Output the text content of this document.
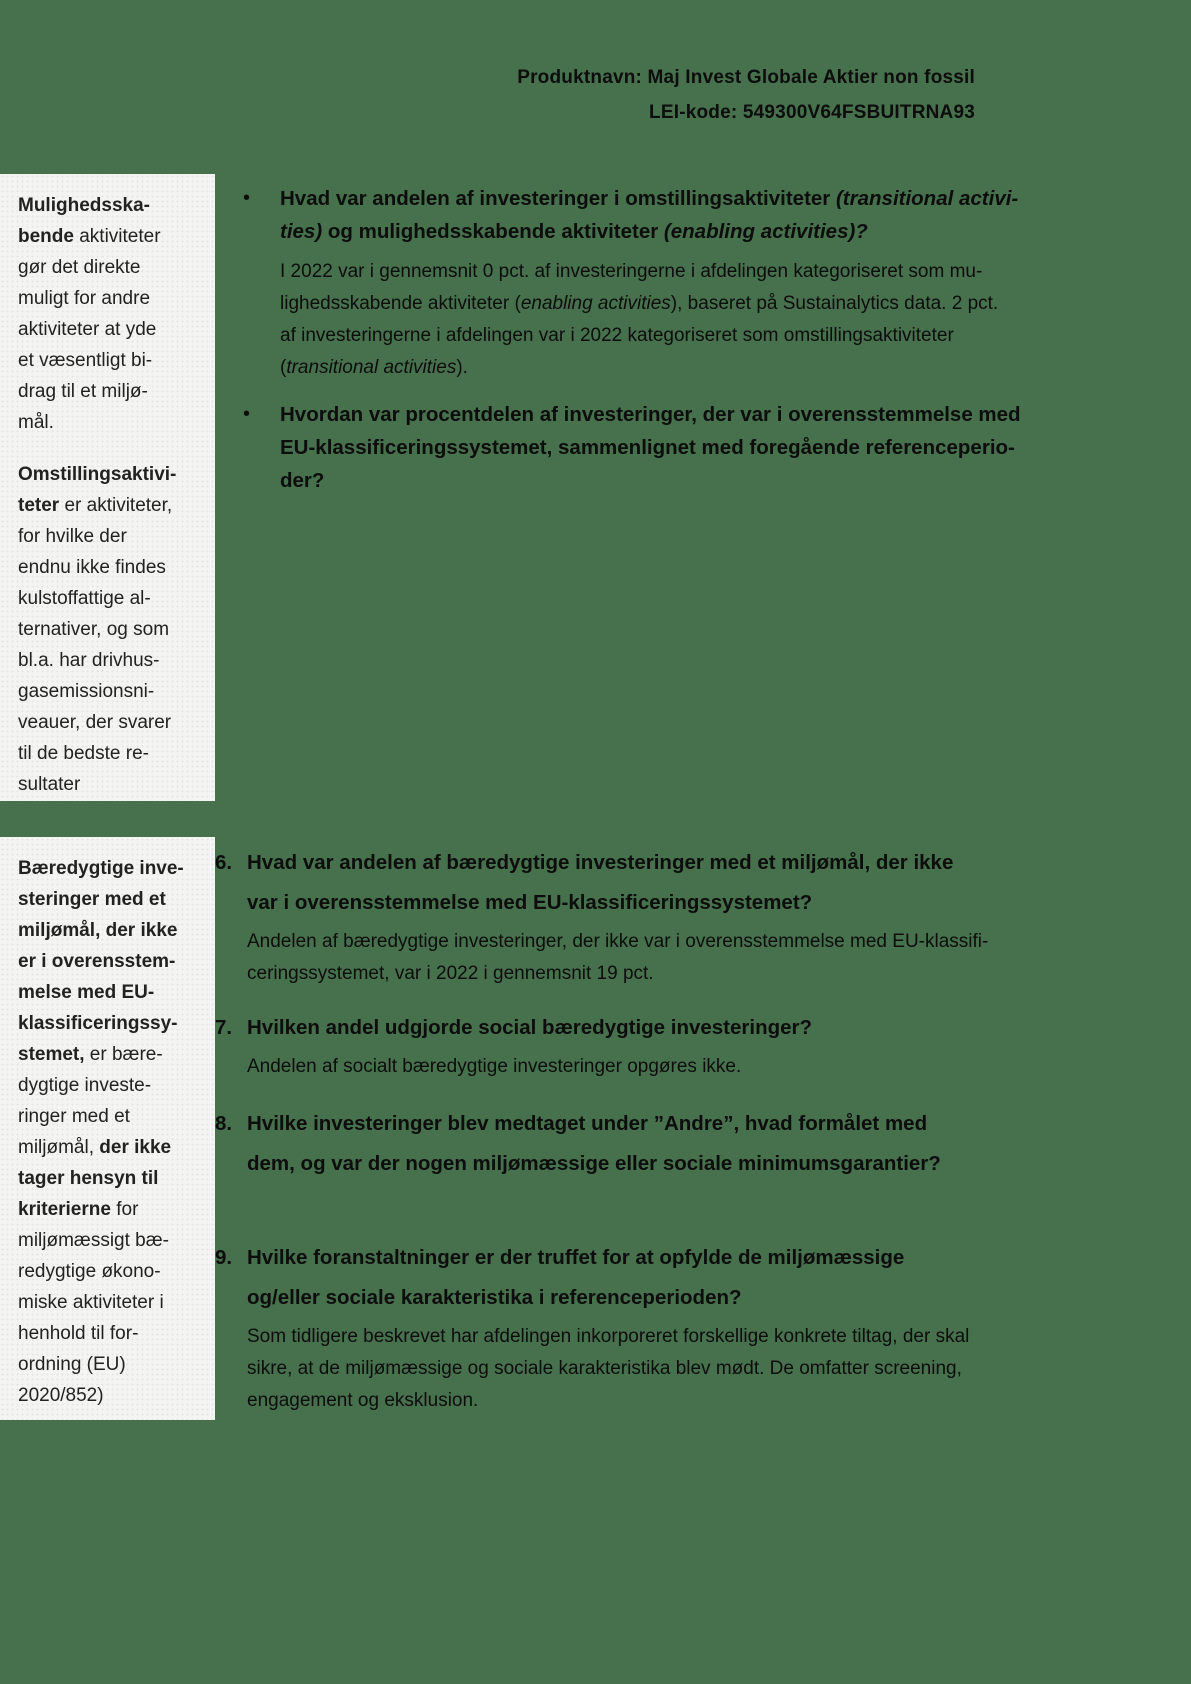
Produktnavn: Maj Invest Globale Aktier non fossil
LEI-kode: 549300V64FSBUITRNA93
Mulighedsska-
bende aktiviteter
gør det direkte
muligt for andre
aktiviteter at yde
et væsentligt bi-
drag til et miljø-
mål.
Omstillingsaktivi-
teter er aktiviteter,
for hvilke der
endnu ikke findes
kulstoffattige al-
ternativer, og som
bl.a. har drivhus-
gasemissionsni-
veauer, der svarer
til de bedste re-
sultater
Bæredygtige inve-
steringer med et
miljømål, der ikke
er i overensstem-
melse med EU-
klassificeringssy-
stemet, er bære-
dygtige investe-
ringer med et
miljømål, der ikke
tager hensyn til
kriterierne for
miljømæssigt bæ-
redygtige økono-
miske aktiviteter i
henhold til for-
ordning (EU)
2020/852)
•	Hvad var andelen af investeringer i omstillingsaktiviteter (transitional activi-
ties) og mulighedsskabende aktiviteter (enabling activities)?
I 2022 var i gennemsnit 0 pct. af investeringerne i afdelingen kategoriseret som mu-
lighedsskabende aktiviteter (enabling activities), baseret på Sustainalytics data. 2 pct.
af investeringerne i afdelingen var i 2022 kategoriseret som omstillingsaktiviteter
(transitional activities).
•	Hvordan var procentdelen af investeringer, der var i overensstemmelse med
EU-klassificeringssystemet, sammenlignet med foregående referenceperio-
der?
6. Hvad var andelen af bæredygtige investeringer med et miljømål, der ikke
var i overensstemmelse med EU-klassificeringssystemet?
Andelen af bæredygtige investeringer, der ikke var i overensstemmelse med EU-klassifi-
ceringssystemet, var i 2022 i gennemsnit 19 pct.
7. Hvilken andel udgjorde social bæredygtige investeringer?
Andelen af socialt bæredygtige investeringer opgøres ikke.
8. Hvilke investeringer blev medtaget under ”Andre”, hvad formålet med
dem, og var der nogen miljømæssige eller sociale minimumsgarantier?
9. Hvilke foranstaltninger er der truffet for at opfylde de miljømæssige
og/eller sociale karakteristika i referenceperioden?
Som tidligere beskrevet har afdelingen inkorporeret forskellige konkrete tiltag, der skal
sikre, at de miljømæssige og sociale karakteristika blev mødt. De omfatter screening,
engagement og eksklusion.
